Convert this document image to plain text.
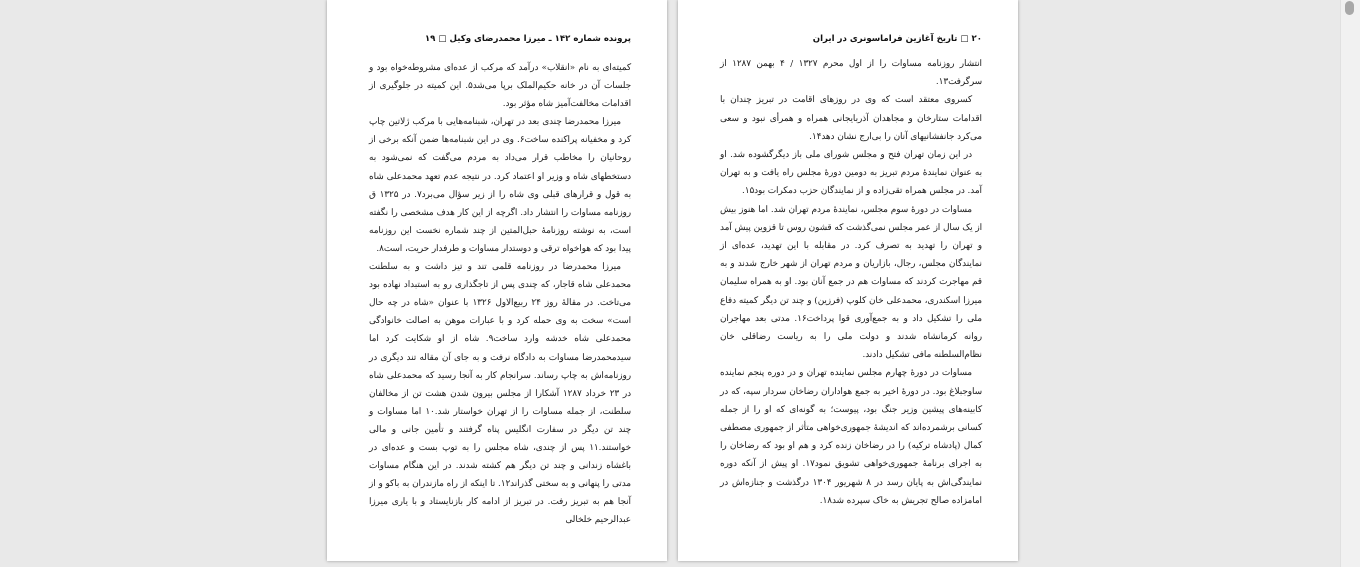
پرونده شماره ۱۴۲ ـ میرزا محمدرضای وکیل □ ۱۹

کمیته‌ای به نام «انقلاب» درآمد که مرکب از عده‌ای مشروطه‌خواه بود و جلسات آن در خانه حکیم‌الملک برپا می‌شد۵. این کمیته در جلوگیری از اقدامات مخالفت‌آمیز شاه مؤثر بود.

میرزا محمدرضا چندی بعد در تهران، شبنامه‌هایی با مرکب ژلاتین چاپ کرد و مخفیانه پراکنده ساخت۶. وی در این شبنامه‌ها ضمن آنکه برخی از روحانیان را مخاطب قرار می‌داد به مردم می‌گفت که نمی‌شود به دستخطهای شاه و وزیر او اعتماد کرد. در نتیجه عدم تعهد محمدعلی شاه به قول و قرارهای قبلی وی شاه را از زیر سؤال می‌برد۷. در ۱۳۲۵ ق روزنامه مساوات را انتشار داد. اگرچه از این کار هدف مشخصی را نگفته است، به نوشته روزنامهٔ حبل‌المتین از چند شماره نخست این روزنامه پیدا بود که هواخواه ترقی و دوستدار مساوات و طرفدار حریت، است۸.

میرزا محمدرضا در روزنامه قلمی تند و تیز داشت و به سلطنت محمدعلی شاه قاجار، که چندی پس از تاجگذاری رو به استبداد نهاده بود می‌تاخت. در مقالهٔ روز ۲۴ ربیع‌الاول ۱۳۲۶ با عنوان «شاه در چه حال است» سخت به وی حمله کرد و با عبارات موهن به اصالت خانوادگی محمدعلی شاه خدشه وارد ساخت۹. شاه از او شکایت کرد اما سیدمحمدرضا مساوات به دادگاه نرفت و به جای آن مقاله تند دیگری در روزنامه‌اش به چاپ رساند. سرانجام کار به آنجا رسید که محمدعلی شاه در ۲۳ خرداد ۱۲۸۷ آشکارا از مجلس بیرون شدن هشت تن از مخالفان سلطنت، از جمله مساوات را از تهران خواستار شد.۱۰ اما مساوات و چند تن دیگر در سفارت انگلیس پناه گرفتند و تأمین جانی و مالی خواستند.۱۱ پس از چندی، شاه مجلس را به توپ بست و عده‌ای در باغشاه زندانی و چند تن دیگر هم کشته شدند. در این هنگام مساوات مدتی را پنهانی و به سختی گذراند۱۲. تا اینکه از راه مازندران به باکو و از آنجا هم به تبریز رفت. در تبریز از ادامه کار بازنایستاد و با یاری میرزا عبدالرحیم خلخالی

۲۰ □ تاریخ آغازین فراماسونری در ایران

انتشار روزنامه مساوات را از اول محرم ۱۳۲۷ / ۴ بهمن ۱۲۸۷ از سرگرفت۱۳.

کسروی معتقد است که وی در روزهای اقامت در تبریز چندان با اقدامات ستارخان و مجاهدان آذربایجانی همراه و همرأی نبود و سعی می‌کرد جانفشانیهای آنان را بی‌ارج نشان دهد۱۴.

در این زمان تهران فتح و مجلس شورای ملی باز دیگرگشوده شد. او به عنوان نمایندهٔ مردم تبریز به دومین دورهٔ مجلس راه یافت و به تهران آمد. در مجلس همراه تقی‌زاده و از نمایندگان حزب دمکرات بود۱۵.

مساوات در دورهٔ سوم مجلس، نمایندهٔ مردم تهران شد. اما هنوز بیش از یک سال از عمر مجلس نمی‌گذشت که قشون روس تا قزوین پیش آمد و تهران را تهدید به تصرف کرد. در مقابله با این تهدید، عده‌ای از نمایندگان مجلس، رجال، بازاریان و مردم تهران از شهر خارج شدند و به قم مهاجرت کردند که مساوات هم در جمع آنان بود. او به همراه سلیمان میرزا اسکندری، محمدعلی خان کلوپ (فرزین) و چند تن دیگر کمیته دفاع ملی را تشکیل داد و به جمع‌آوری قوا پرداخت۱۶. مدتی بعد مهاجران روانه کرمانشاه شدند و دولت ملی را به ریاست رضاقلی خان نظام‌السلطنه مافی تشکیل دادند.

مساوات در دورهٔ چهارم مجلس نماینده تهران و در دوره پنجم نماینده ساوجبلاغ بود. در دورهٔ اخیر به جمع هواداران رضاخان سردار سپه، که در کابینه‌های پیشین وزیر جنگ بود، پیوست؛ به گونه‌ای که او را از جمله کسانی برشمرده‌اند که اندیشهٔ جمهوری‌خواهی متأثر از جمهوری مصطفی کمال (پادشاه ترکیه) را در رضاخان زنده کرد و هم او بود که رضاخان را به اجرای برنامهٔ جمهوری‌خواهی تشویق نمود۱۷. او پیش از آنکه دوره نمایندگی‌اش به پایان رسد در ۸ شهریور ۱۳۰۴ درگذشت و جنازه‌اش در امامزاده صالح تجریش به خاک سپرده شد۱۸.
